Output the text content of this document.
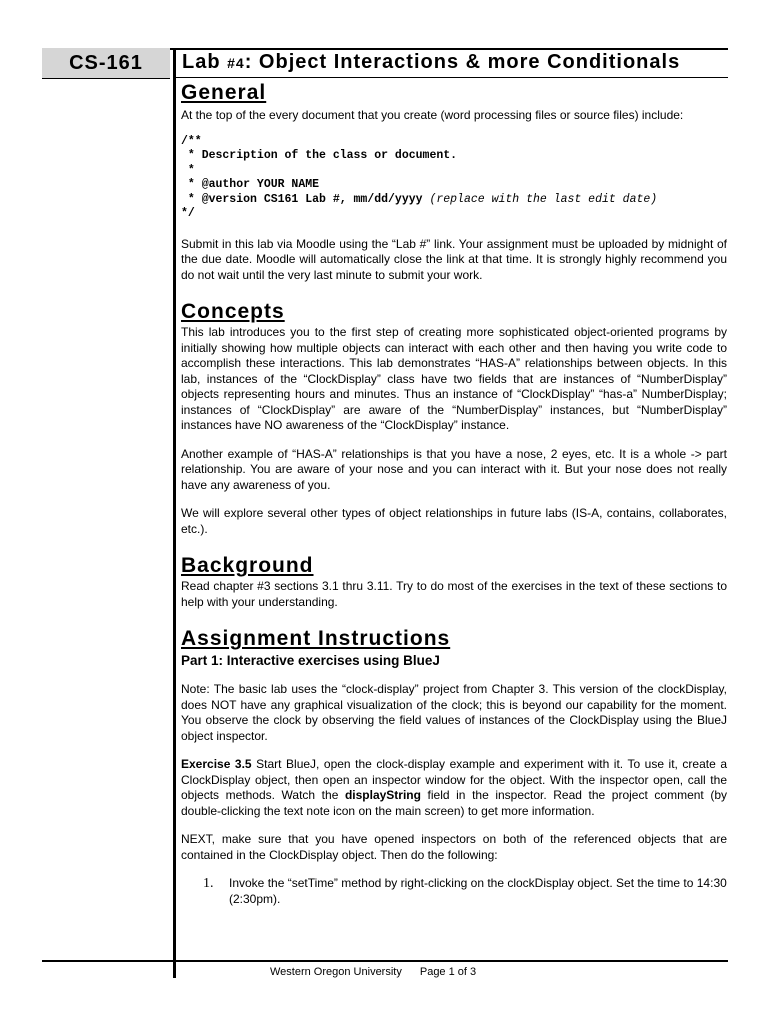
CS-161	Lab
#4 : Object Interactions & more Conditionals
General

At the top of the every document that you create (word processing files or source files) include:

/**
* Description of the class or document.
*
* @author YOUR NAME
* @version CS161 Lab #, mm/dd/yyyy (replace with the last edit date)
*/

Submit in this lab via Moodle using the “Lab #” link. Your assignment must be uploaded by midnight of the due date. Moodle will automatically close the link at that time. It is strongly highly recommend you do not wait until the very last minute to submit your work.

Concepts

This lab introduces you to the first step of creating more sophisticated object-oriented programs by initially showing how multiple objects can interact with each other and then having you write code to accomplish these interactions. This lab demonstrates “HAS-A” relationships between objects. In this lab, instances of the “ClockDisplay” class have two fields that are instances of “NumberDisplay” objects representing hours and minutes. Thus an instance of “ClockDisplay” “has-a” NumberDisplay; instances of “ClockDisplay” are aware of the “NumberDisplay” instances, but “NumberDisplay” instances have NO awareness of the “ClockDisplay” instance.

Another example of “HAS-A” relationships is that you have a nose, 2 eyes, etc. It is a whole -> part relationship. You are aware of your nose and you can interact with it. But your nose does not really have any awareness of you.

We will explore several other types of object relationships in future labs (IS-A, contains, collaborates, etc.).

Background

Read chapter #3 sections 3.1 thru 3.11. Try to do most of the exercises in the text of these sections to help with your understanding.

Assignment Instructions
Part 1: Interactive exercises using BlueJ

Note: The basic lab uses the “clock-display” project from Chapter 3. This version of the clockDisplay, does NOT have any graphical visualization of the clock; this is beyond our capability for the moment. You observe the clock by observing the field values of instances of the ClockDisplay using the BlueJ object inspector.

Exercise 3.5 Start BlueJ, open the clock-display example and experiment with it. To use it, create a ClockDisplay object, then open an inspector window for the object. With the inspector open, call the objects methods. Watch the displayString field in the inspector. Read the project comment (by double-clicking the text note icon on the main screen) to get more information.

NEXT, make sure that you have opened inspectors on both of the referenced objects that are contained in the ClockDisplay object. Then do the following:

1.	Invoke the “setTime” method by right-clicking on the clockDisplay object. Set the time to 14:30 (2:30pm).
Western Oregon University Page 1 of 3
